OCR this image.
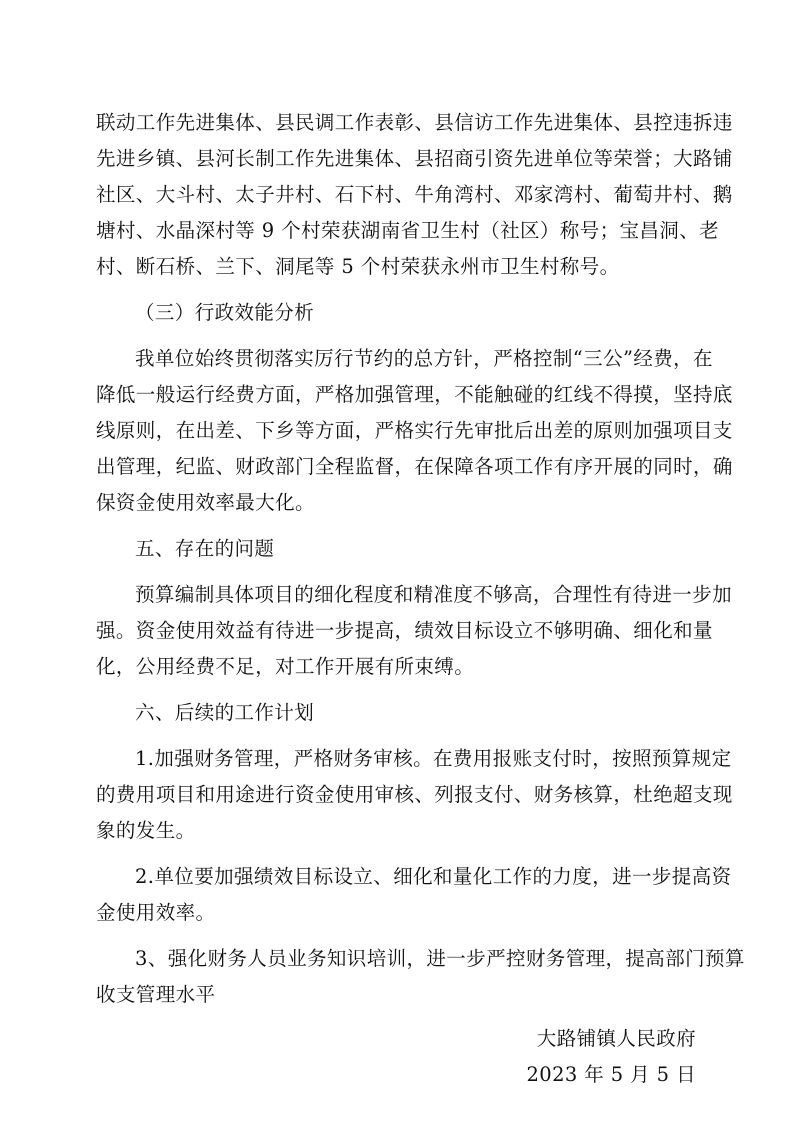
联动工作先进集体、县民调工作表彰、县信访工作先进集体、县控违拆违
先进乡镇、县河长制工作先进集体、县招商引资先进单位等荣誉；大路铺
社区、大斗村、太子井村、石下村、牛角湾村、邓家湾村、葡萄井村、鹅
塘村、水晶深村等 9 个村荣获湖南省卫生村（社区）称号；宝昌洞、老
村、断石桥、兰下、洞尾等 5 个村荣获永州市卫生村称号。
（三）行政效能分析
我单位始终贯彻落实厉行节约的总方针，严格控制“三公”经费，在
降低一般运行经费方面，严格加强管理，不能触碰的红线不得摸，坚持底
线原则，在出差、下乡等方面，严格实行先审批后出差的原则加强项目支
出管理，纪监、财政部门全程监督，在保障各项工作有序开展的同时，确
保资金使用效率最大化。
五、存在的问题
预算编制具体项目的细化程度和精准度不够高，合理性有待进一步加
强。资金使用效益有待进一步提高，绩效目标设立不够明确、细化和量
化，公用经费不足，对工作开展有所束缚。
六、后续的工作计划
1.加强财务管理，严格财务审核。在费用报账支付时，按照预算规定
的费用项目和用途进行资金使用审核、列报支付、财务核算，杜绝超支现
象的发生。
2.单位要加强绩效目标设立、细化和量化工作的力度，进一步提高资
金使用效率。
3、强化财务人员业务知识培训，进一步严控财务管理，提高部门预算
收支管理水平
大路铺镇人民政府
2023 年 5 月 5 日
